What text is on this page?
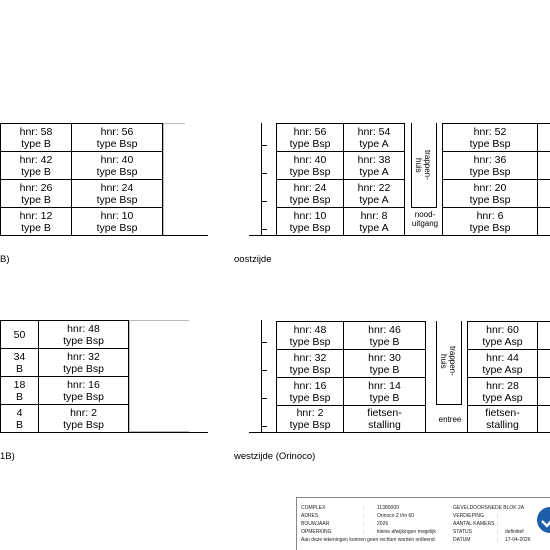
hnr: 58
type B
hnr: 56
type Bsp
hnr: 42
type B
hnr: 40
type Bsp
hnr: 26
type B
hnr: 24
type Bsp
hnr: 12
type B
hnr: 10
type Bsp
B)
hnr: 56
type Bsp
hnr: 54
type A
hnr: 40
type Bsp
hnr: 38
type A
hnr: 24
type Bsp
hnr: 22
type A
hnr: 10
type Bsp
hnr: 8
type A
trappen-
huis
nood-
uitgang
hnr: 52
type Bsp
hnr: 36
type Bsp
hnr: 20
type Bsp
hnr: 6
type Bsp
oostzijde
50	hnr: 48
type Bsp
34
B
hnr: 32
type Bsp
18
B
hnr: 16
type Bsp
4
B
hnr: 2
type Bsp
1B)
hnr: 48
type Bsp
hnr: 46
type B
hnr: 32
type Bsp
hnr: 30
type B
hnr: 16
type Bsp
hnr: 14
type B
hnr: 2
type Bsp
fietsen-
stalling
trappen-
huis
entree
hnr: 60
type Asp
hnr: 44
type Asp
hnr: 28
type Asp
fietsen-
stalling
westzijde (Orinoco)
COMPLEX	:	11380000
ADRES	:	Orinoco 2 t/m 60
BOUWJAAR	:	2026
OPMERKING	:	kleine afwijkingen mogelijk
Aan deze tekeningen kunnen geen rechten worden ontleend
GEVELDOORSNEDE BLOK 2A
VERDIEPING	:
AANTAL KAMERS :
STATUS	: definitief
DATUM	: 17-04-2026
